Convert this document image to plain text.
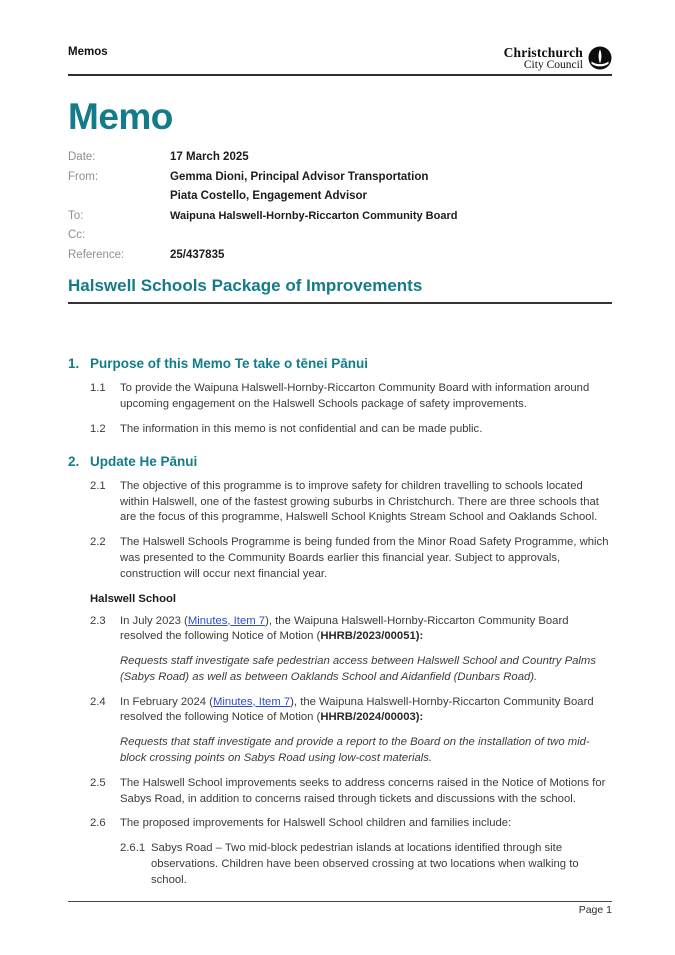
Memos	Christchurch
City Council
Memo
Date:	17 March 2025
From:	Gemma Dioni, Principal Advisor Transportation
Piata Costello, Engagement Advisor
To:	Waipuna Halswell-Hornby-Riccarton Community Board
Cc:
Reference:	25/437835
Halswell Schools Package of Improvements
1. Purpose of this Memo Te take o tēnei Pānui
1.1	To provide the Waipuna Halswell-Hornby-Riccarton Community Board with information around upcoming engagement on the Halswell Schools package of safety improvements.
1.2	The information in this memo is not confidential and can be made public.
2. Update He Pānui
2.1	The objective of this programme is to improve safety for children travelling to schools located within Halswell, one of the fastest growing suburbs in Christchurch. There are three schools that are the focus of this programme, Halswell School Knights Stream School and Oaklands School.
2.2	The Halswell Schools Programme is being funded from the Minor Road Safety Programme, which was presented to the Community Boards earlier this financial year. Subject to approvals, construction will occur next financial year.
Halswell School
2.3	In July 2023 (Minutes, Item 7), the Waipuna Halswell-Hornby-Riccarton Community Board resolved the following Notice of Motion (HHRB/2023/00051):
Requests staff investigate safe pedestrian access between Halswell School and Country Palms (Sabys Road) as well as between Oaklands School and Aidanfield (Dunbars Road).
2.4	In February 2024 (Minutes, Item 7), the Waipuna Halswell-Hornby-Riccarton Community Board resolved the following Notice of Motion (HHRB/2024/00003):
Requests that staff investigate and provide a report to the Board on the installation of two mid-block crossing points on Sabys Road using low-cost materials.
2.5	The Halswell School improvements seeks to address concerns raised in the Notice of Motions for Sabys Road, in addition to concerns raised through tickets and discussions with the school.
2.6	The proposed improvements for Halswell School children and families include:
2.6.1 Sabys Road – Two mid-block pedestrian islands at locations identified through site observations. Children have been observed crossing at two locations when walking to school.
Page 1
